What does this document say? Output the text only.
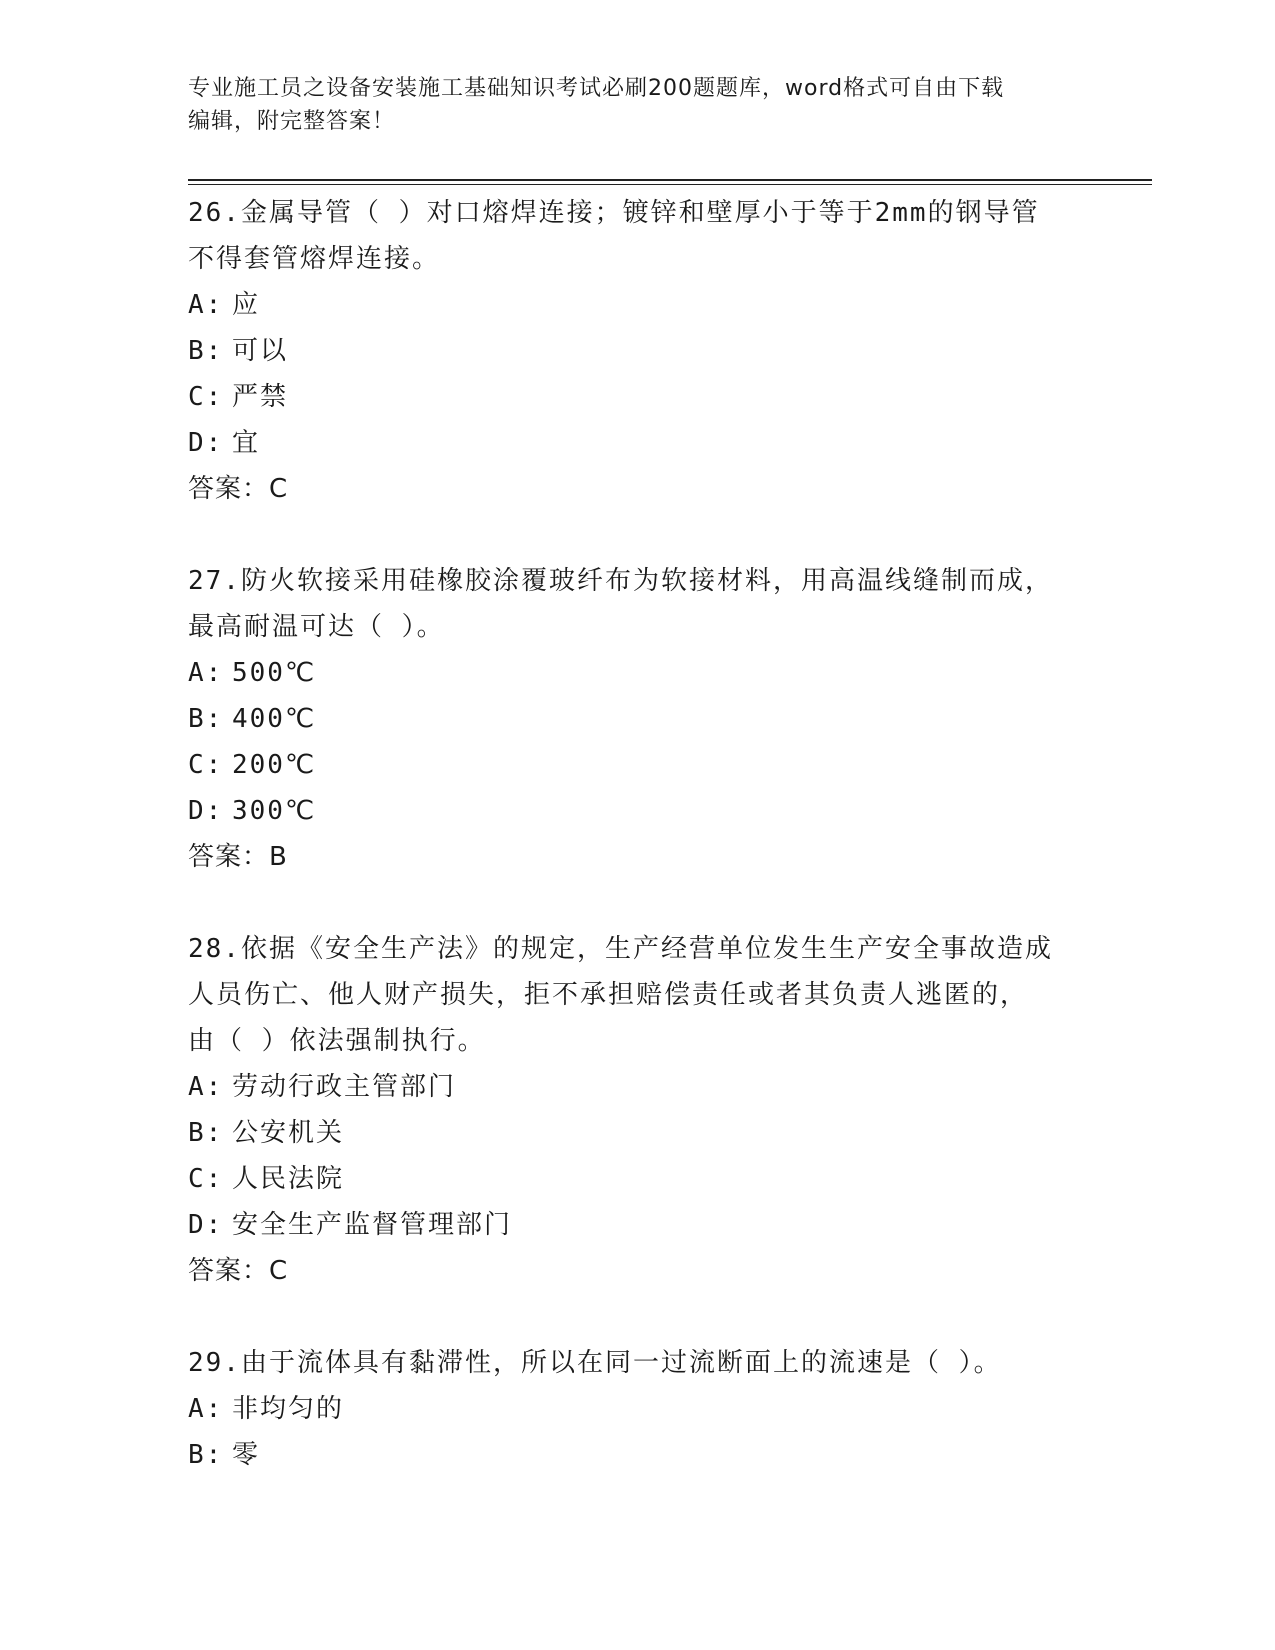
专业施工员之设备安装施工基础知识考试必刷200题题库，word格式可自由下载
编辑，附完整答案！

26.金属导管（ ）对口熔焊连接；镀锌和壁厚小于等于2mm的钢导管

不得套管熔焊连接。

A: 应

B: 可以

C: 严禁

D: 宜

答案：C

27.防火软接采用硅橡胶涂覆玻纤布为软接材料，用高温线缝制而成，

最高耐温可达（ ）。

A: 500℃

B: 400℃

C: 200℃

D: 300℃

答案：B

28.依据《安全生产法》的规定，生产经营单位发生生产安全事故造成

人员伤亡、他人财产损失，拒不承担赔偿责任或者其负责人逃匿的，

由（ ）依法强制执行。

A: 劳动行政主管部门

B: 公安机关

C: 人民法院

D: 安全生产监督管理部门

答案：C

29.由于流体具有黏滞性，所以在同一过流断面上的流速是（ ）。

A: 非均匀的

B: 零
